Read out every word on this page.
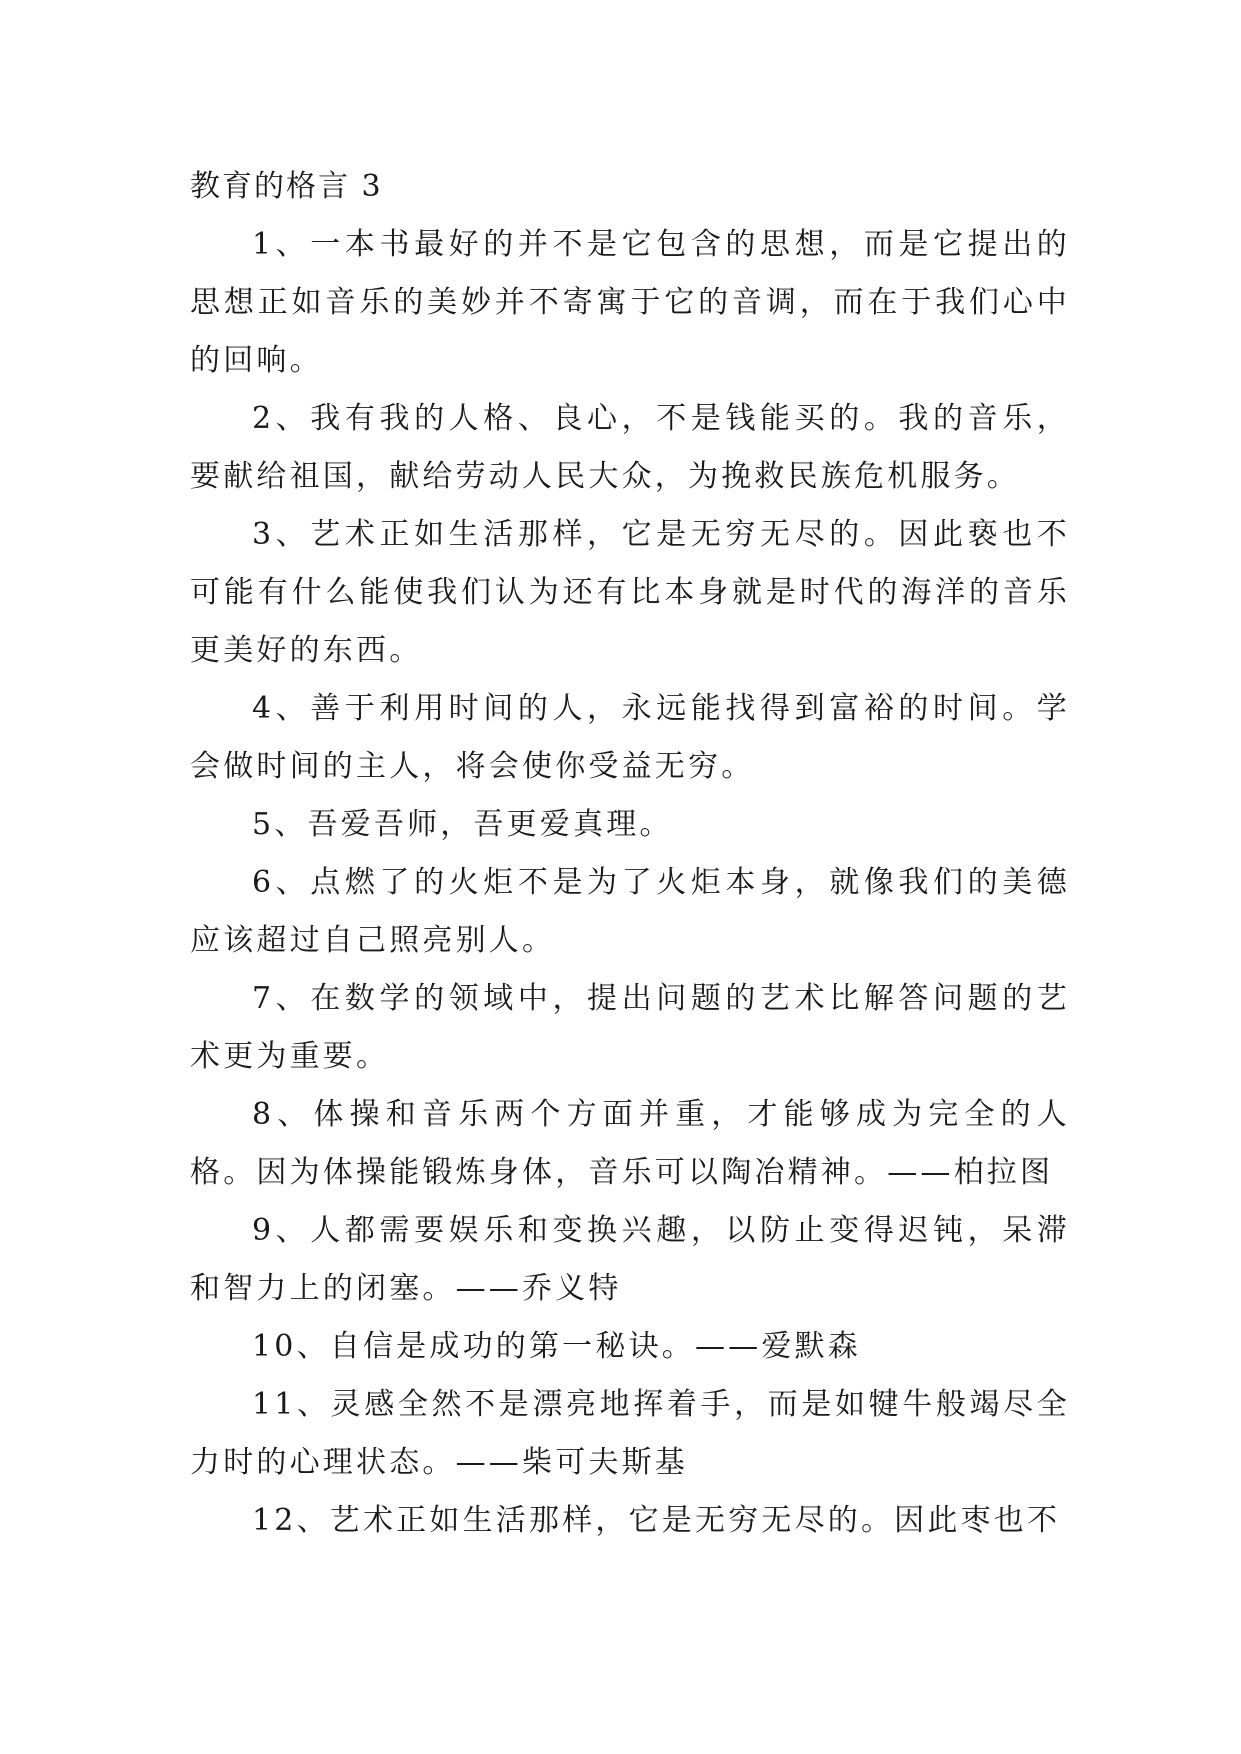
教育的格言 3

1、一本书最好的并不是它包含的思想，而是它提出的思想正如音乐的美妙并不寄寓于它的音调，而在于我们心中的回响。

2、我有我的人格、良心，不是钱能买的。我的音乐，要献给祖国，献给劳动人民大众，为挽救民族危机服务。

3、艺术正如生活那样，它是无穷无尽的。因此亵也不可能有什么能使我们认为还有比本身就是时代的海洋的音乐更美好的东西。

4、善于利用时间的人，永远能找得到富裕的时间。学会做时间的主人，将会使你受益无穷。

5、吾爱吾师，吾更爱真理。

6、点燃了的火炬不是为了火炬本身，就像我们的美德应该超过自己照亮别人。

7、在数学的领域中，提出问题的艺术比解答问题的艺术更为重要。

8、体操和音乐两个方面并重，才能够成为完全的人格。因为体操能锻炼身体，音乐可以陶冶精神。——柏拉图

9、人都需要娱乐和变换兴趣，以防止变得迟钝，呆滞和智力上的闭塞。——乔义特

10、自信是成功的第一秘诀。——爱默森

11、灵感全然不是漂亮地挥着手，而是如犍牛般竭尽全力时的心理状态。——柴可夫斯基

12、艺术正如生活那样，它是无穷无尽的。因此枣也不
